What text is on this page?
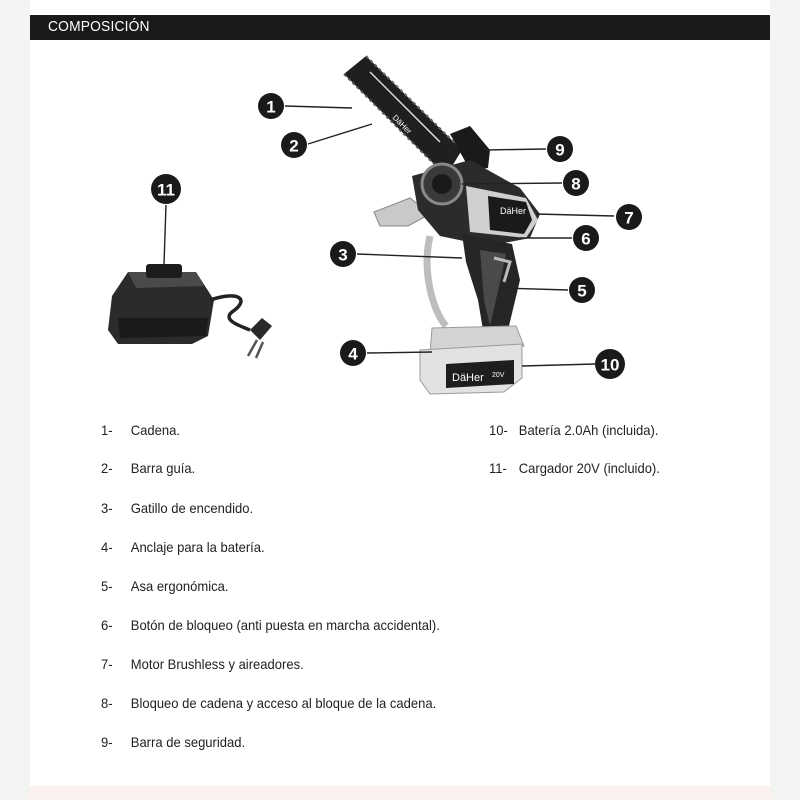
COMPOSICIÓN
DäHer
DäHer
DäHer 20V
1
2
3
4
5
6
7
8
9
10
11
1- Cadena.
2- Barra guía.
3- Gatillo de encendido.
4- Anclaje para la batería.
5- Asa ergonómica.
6- Botón de bloqueo (anti puesta en marcha accidental).
7- Motor Brushless y aireadores.
8- Bloqueo de cadena y acceso al bloque de la cadena.
9- Barra de seguridad.
10- Batería 2.0Ah (incluida).
11- Cargador 20V (incluido).
